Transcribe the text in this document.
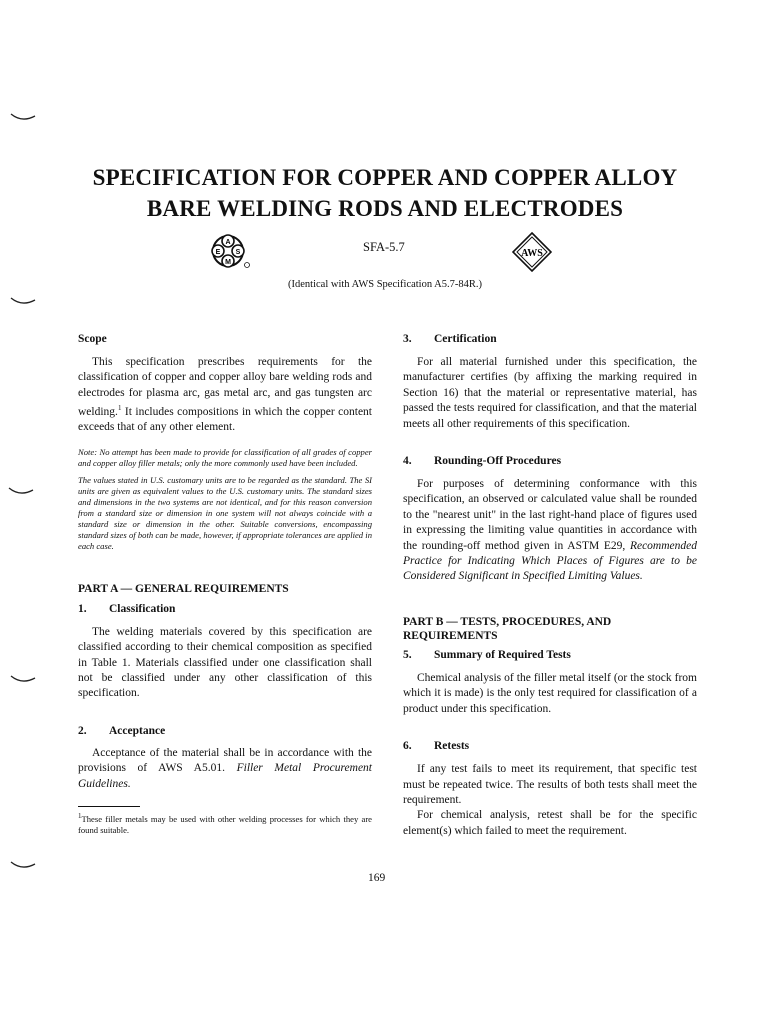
SPECIFICATION FOR COPPER AND COPPER ALLOY
BARE WELDING RODS AND ELECTRODES
A
E S
M
SFA-5.7	AWS
(Identical with AWS Specification A5.7-84R.)

Scope

This specification prescribes requirements for the classification of copper and copper alloy bare welding rods and electrodes for plasma arc, gas metal arc, and gas tungsten arc welding.$^1$ It includes compositions in which the copper content exceeds that of any other element.

Note: No attempt has been made to provide for classification of all grades of copper and copper alloy filler metals; only the more commonly used have been included.

The values stated in U.S. customary units are to be regarded as the standard. The SI units are given as equivalent values to the U.S. customary units. The standard sizes and dimensions in the two systems are not identical, and for this reason conversion from a standard size or dimension in one system will not always coincide with a standard size or dimension in the other. Suitable conversions, encompassing standard sizes of both can be made, however, if appropriate tolerances are applied in each case.

PART A — GENERAL REQUIREMENTS

1. Classification

The welding materials covered by this specification are classified according to their chemical composition as specified in Table 1. Materials classified under one classification shall not be classified under any other classification of this specification.

2. Acceptance

Acceptance of the material shall be in accordance with the provisions of AWS A5.01. Filler Metal Procurement Guidelines.

$^1$These filler metals may be used with other welding processes for which they are found suitable.

3. Certification

For all material furnished under this specification, the manufacturer certifies (by affixing the marking required in Section 16) that the material or representative material, has passed the tests required for classification, and that the material meets all other requirements of this specification.

4. Rounding-Off Procedures

For purposes of determining conformance with this specification, an observed or calculated value shall be rounded to the "nearest unit" in the last right-hand place of figures used in expressing the limiting value quantities in accordance with the rounding-off method given in ASTM E29, Recommended Practice for Indicating Which Places of Figures are to be Considered Significant in Specified Limiting Values.

PART B — TESTS, PROCEDURES, AND REQUIREMENTS

5. Summary of Required Tests

Chemical analysis of the filler metal itself (or the stock from which it is made) is the only test required for classification of a product under this specification.

6. Retests

If any test fails to meet its requirement, that specific test must be repeated twice. The results of both tests shall meet the requirement.

For chemical analysis, retest shall be for the specific element(s) which failed to meet the requirement.

169
